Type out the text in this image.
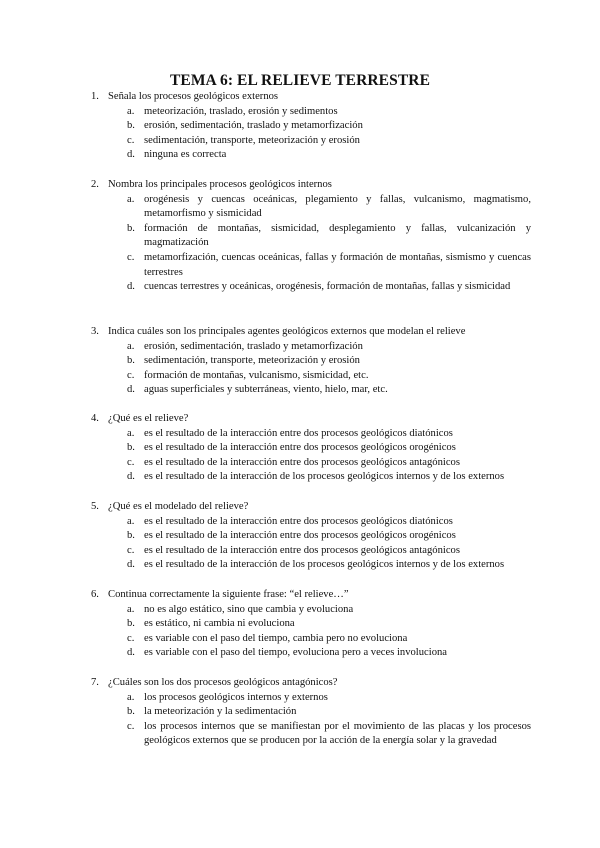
TEMA 6: EL RELIEVE TERRESTRE
1. Señala los procesos geológicos externos
a. meteorización, traslado, erosión y sedimentos
b. erosión, sedimentación, traslado y metamorfización
c. sedimentación, transporte, meteorización y erosión
d. ninguna es correcta
2. Nombra los principales procesos geológicos internos
a. orogénesis y cuencas oceánicas, plegamiento y fallas, vulcanismo, magmatismo, metamorfismo y sismicidad
b. formación de montañas, sismicidad, desplegamiento y fallas, vulcanización y magmatización
c. metamorfización, cuencas oceánicas, fallas y formación de montañas, sismismo y cuencas terrestres
d. cuencas terrestres y oceánicas, orogénesis, formación de montañas, fallas y sismicidad
3. Indica cuáles son los principales agentes geológicos externos que modelan el relieve
a. erosión, sedimentación, traslado y metamorfización
b. sedimentación, transporte, meteorización y erosión
c. formación de montañas, vulcanismo, sismicidad, etc.
d. aguas superficiales y subterráneas, viento, hielo, mar, etc.
4. ¿Qué es el relieve?
a. es el resultado de la interacción entre dos procesos geológicos diatónicos
b. es el resultado de la interacción entre dos procesos geológicos orogénicos
c. es el resultado de la interacción entre dos procesos geológicos antagónicos
d. es el resultado de la interacción de los procesos geológicos internos y de los externos
5. ¿Qué es el modelado del relieve?
a. es el resultado de la interacción entre dos procesos geológicos diatónicos
b. es el resultado de la interacción entre dos procesos geológicos orogénicos
c. es el resultado de la interacción entre dos procesos geológicos antagónicos
d. es el resultado de la interacción de los procesos geológicos internos y de los externos
6. Continua correctamente la siguiente frase: “el relieve…”
a. no es algo estático, sino que cambia y evoluciona
b. es estático, ni cambia ni evoluciona
c. es variable con el paso del tiempo, cambia pero no evoluciona
d. es variable con el paso del tiempo, evoluciona pero a veces involuciona
7. ¿Cuáles son los dos procesos geológicos antagónicos?
a. los procesos geológicos internos y externos
b. la meteorización y la sedimentación
c. los procesos internos que se manifiestan por el movimiento de las placas y los procesos geológicos externos que se producen por la acción de la energía solar y la gravedad
